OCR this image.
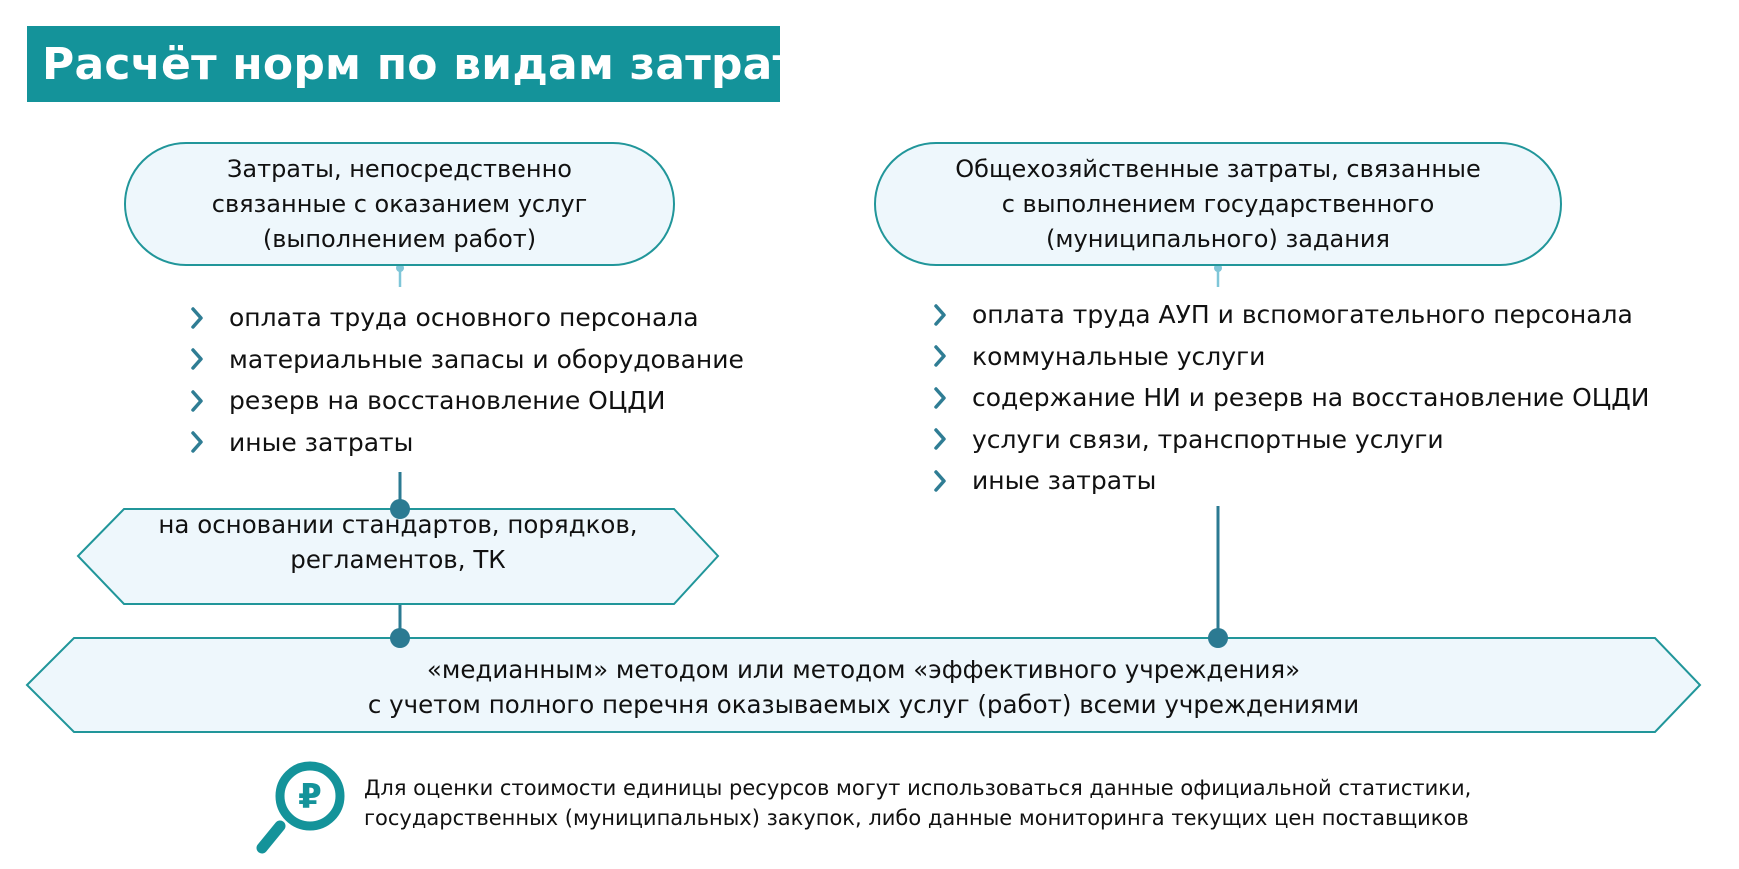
Расчёт норм по видам затрат
Затраты, непосредственно
связанные с оказанием услуг
(выполнением работ)
Общехозяйственные затраты, связанные
с выполнением государственного
(муниципального) задания
оплата труда основного персонала
материальные запасы и оборудование
резерв на восстановление ОЦДИ
иные затраты
оплата труда АУП и вспомогательного персонала
коммунальные услуги
содержание НИ и резерв на восстановление ОЦДИ
услуги связи, транспортные услуги
иные затраты
на основании стандартов, порядков,
регламентов, ТК
«медианным» методом или методом «эффективного учреждения»
с учетом полного перечня оказываемых услуг (работ) всеми учреждениями
₽ Для оценки стоимости единицы ресурсов могут использоваться данные официальной статистики,
государственных (муниципальных) закупок, либо данные мониторинга текущих цен поставщиков
